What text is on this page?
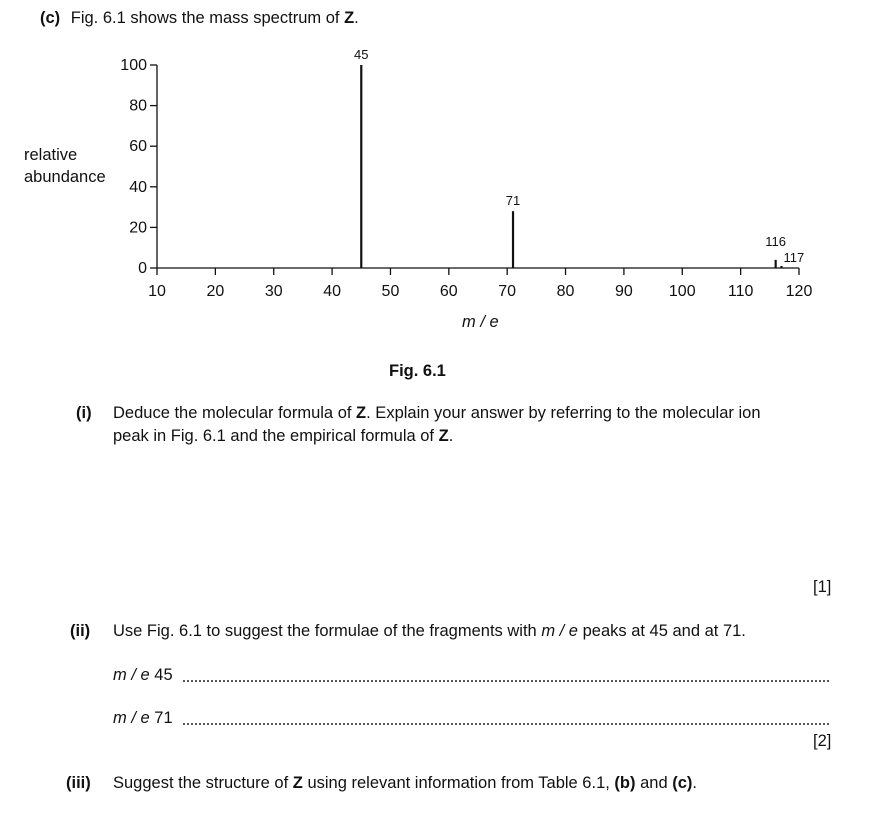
(c) Fig. 6.1 shows the mass spectrum of Z.
relative
abundance
0
20
40
60
80
100
10	20	30	40	50	60	70	80	90 100 110 120
45
71
116
117
m / e
Fig. 6.1
(i) Deduce the molecular formula of Z. Explain your answer by referring to the molecular ion
peak in Fig. 6.1 and the empirical formula of Z.
[1]
(ii) Use Fig. 6.1 to suggest the formulae of the fragments with m / e peaks at 45 and at 71.
m / e 45
m / e 71
[2]
(iii) Suggest the structure of Z using relevant information from Table 6.1, (b) and (c).
